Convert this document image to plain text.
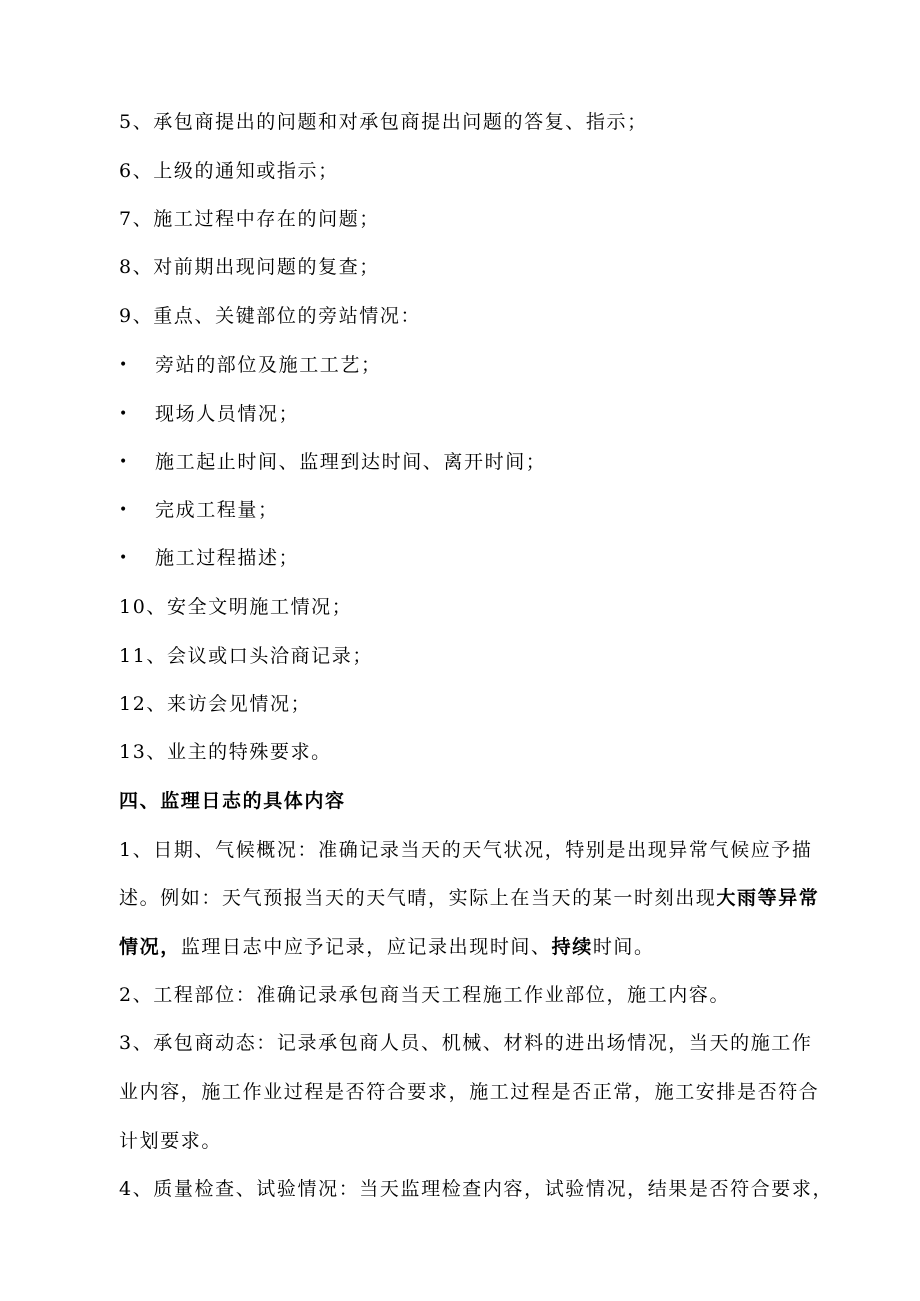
5、承包商提出的问题和对承包商提出问题的答复、指示；
6、上级的通知或指示；
7、施工过程中存在的问题；
8、对前期出现问题的复查；
9、重点、关键部位的旁站情况：
• 旁站的部位及施工工艺；
• 现场人员情况；
• 施工起止时间、监理到达时间、离开时间；
• 完成工程量；
• 施工过程描述；
10、安全文明施工情况；
11、会议或口头洽商记录；
12、来访会见情况；
13、业主的特殊要求。
四、监理日志的具体内容
1、日期、气候概况：准确记录当天的天气状况，特别是出现异常气候应予描
述。例如：天气预报当天的天气晴，实际上在当天的某一时刻出现大雨等异常
情况，监理日志中应予记录，应记录出现时间、持续时间。
2、工程部位：准确记录承包商当天工程施工作业部位，施工内容。
3、承包商动态：记录承包商人员、机械、材料的进出场情况，当天的施工作
业内容，施工作业过程是否符合要求，施工过程是否正常，施工安排是否符合
计划要求。
4、质量检查、试验情况：当天监理检查内容，试验情况，结果是否符合要求，
